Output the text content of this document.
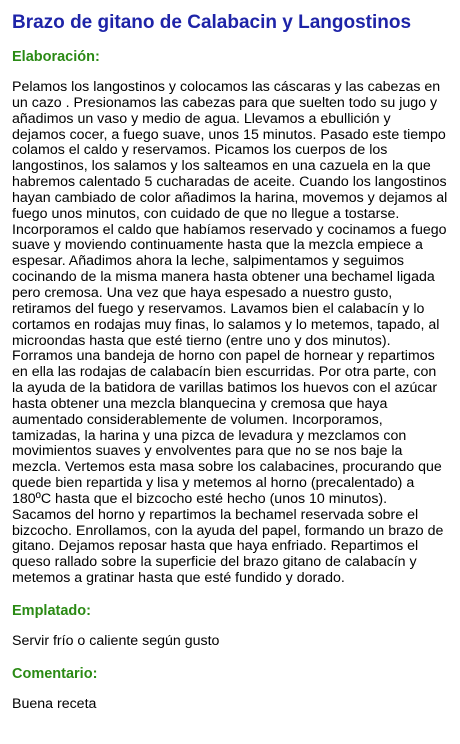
Brazo de gitano de Calabacin y Langostinos
Elaboración:
Pelamos los langostinos y colocamos las cáscaras y las cabezas en un cazo . Presionamos las cabezas para que suelten todo su jugo y añadimos un vaso y medio de agua. Llevamos a ebullición y dejamos cocer, a fuego suave, unos 15 minutos. Pasado este tiempo colamos el caldo y reservamos. Picamos los cuerpos de los langostinos, los salamos y los salteamos en una cazuela en la que habremos calentado 5 cucharadas de aceite. Cuando los langostinos hayan cambiado de color añadimos la harina, movemos y dejamos al fuego unos minutos, con cuidado de que no llegue a tostarse. Incorporamos el caldo que habíamos reservado y cocinamos a fuego suave y moviendo continuamente hasta que la mezcla empiece a espesar. Añadimos ahora la leche, salpimentamos y seguimos cocinando de la misma manera hasta obtener una bechamel ligada pero cremosa. Una vez que haya espesado a nuestro gusto, retiramos del fuego y reservamos. Lavamos bien el calabacín y lo cortamos en rodajas muy finas, lo salamos y lo metemos, tapado, al microondas hasta que esté tierno (entre uno y dos minutos). Forramos una bandeja de horno con papel de hornear y repartimos en ella las rodajas de calabacín bien escurridas. Por otra parte, con la ayuda de la batidora de varillas batimos los huevos con el azúcar hasta obtener una mezcla blanquecina y cremosa que haya aumentado considerablemente de volumen. Incorporamos, tamizadas, la harina y una pizca de levadura y mezclamos con movimientos suaves y envolventes para que no se nos baje la mezcla. Vertemos esta masa sobre los calabacines, procurando que quede bien repartida y lisa y metemos al horno (precalentado) a 180ºC hasta que el bizcocho esté hecho (unos 10 minutos). Sacamos del horno y repartimos la bechamel reservada sobre el bizcocho. Enrollamos, con la ayuda del papel, formando un brazo de gitano. Dejamos reposar hasta que haya enfriado. Repartimos el queso rallado sobre la superficie del brazo gitano de calabacín y metemos a gratinar hasta que esté fundido y dorado.
Emplatado:
Servir frío o caliente según gusto
Comentario:
Buena receta
